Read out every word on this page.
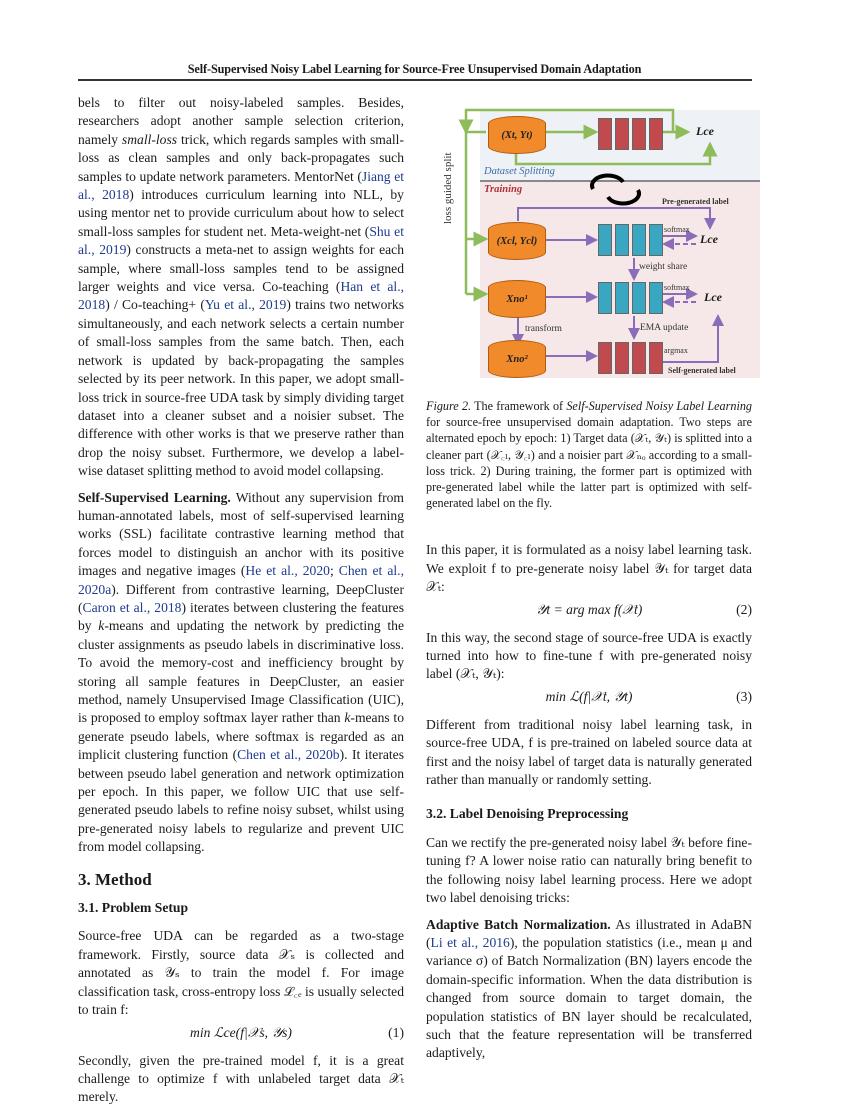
Self-Supervised Noisy Label Learning for Source-Free Unsupervised Domain Adaptation

bels to filter out noisy-labeled samples. Besides, researchers adopt another sample selection criterion, namely small-loss trick, which regards samples with small-loss as clean samples and only back-propagates such samples to update network parameters. MentorNet (Jiang et al., 2018) introduces curriculum learning into NLL, by using mentor net to provide curriculum about how to select small-loss samples for student net. Meta-weight-net (Shu et al., 2019) constructs a meta-net to assign weights for each sample, where small-loss samples tend to be assigned larger weights and vice versa. Co-teaching (Han et al., 2018) / Co-teaching+ (Yu et al., 2019) trains two networks simultaneously, and each network selects a certain number of small-loss samples from the same batch. Then, each network is updated by back-propagating the samples selected by its peer network. In this paper, we adopt small-loss trick in source-free UDA task by simply dividing target dataset into a cleaner subset and a noisier subset. The difference with other works is that we preserve rather than drop the noisy subset. Furthermore, we develop a label-wise dataset splitting method to avoid model collapsing.

Self-Supervised Learning. Without any supervision from human-annotated labels, most of self-supervised learning works (SSL) facilitate contrastive learning method that forces model to distinguish an anchor with its positive images and negative images (He et al., 2020; Chen et al., 2020a). Different from contrastive learning, DeepCluster (Caron et al., 2018) iterates between clustering the features by k-means and updating the network by predicting the cluster assignments as pseudo labels in discriminative loss. To avoid the memory-cost and inefficiency brought by storing all sample features in DeepCluster, an easier method, namely Unsupervised Image Classification (UIC), is proposed to employ softmax layer rather than k-means to generate pseudo labels, where softmax is regarded as an implicit clustering function (Chen et al., 2020b). It iterates between pseudo label generation and network optimization per epoch. In this paper, we follow UIC that use self-generated pseudo labels to refine noisy subset, whilst using pre-generated noisy labels to regularize and prevent UIC from model collapsing.

3. Method
3.1. Problem Setup

Source-free UDA can be regarded as a two-stage framework. Firstly, source data 𝒳ₛ is collected and annotated as 𝒴ₛ to train the model f. For image classification task, cross-entropy loss ℒ꜀ₑ is usually selected to train f:

min ℒce(f|𝒳s, 𝒴s)	(1)

Secondly, given the pre-trained model f, it is a great challenge to optimize f with unlabeled target data 𝒳ₜ merely.

loss guided split	Dataset Splitting
Training
(Xt, Yt)
(Xcl, Ycl)
Xno¹
Xno²
Lce
Lce
Lce
Pre-generated label
softmax
softmax
argmax
Self-generated label
weight share
transform	EMA update

Figure 2. The framework of Self-Supervised Noisy Label Learning for source-free unsupervised domain adaptation. Two steps are alternated epoch by epoch: 1) Target data (𝒳ₜ, 𝒴ₜ) is splitted into a cleaner part (𝒳꜀ₗ, 𝒴꜀ₗ) and a noisier part 𝒳ₙₒ according to a small-loss trick. 2) During training, the former part is optimized with pre-generated label while the latter part is optimized with self-generated label on the fly.

In this paper, it is formulated as a noisy label learning task. We exploit f to pre-generate noisy label 𝒴ₜ for target data 𝒳ₜ:

𝒴t = arg max f(𝒳t)	(2)

In this way, the second stage of source-free UDA is exactly turned into how to fine-tune f with pre-generated noisy label (𝒳ₜ, 𝒴ₜ):

min ℒ(f|𝒳t, 𝒴t)	(3)

Different from traditional noisy label learning task, in source-free UDA, f is pre-trained on labeled source data at first and the noisy label of target data is naturally generated rather than manually or randomly setting.

3.2. Label Denoising Preprocessing

Can we rectify the pre-generated noisy label 𝒴ₜ before fine-tuning f? A lower noise ratio can naturally bring benefit to the following noisy label learning process. Here we adopt two label denoising tricks:

Adaptive Batch Normalization. As illustrated in AdaBN (Li et al., 2016), the population statistics (i.e., mean μ and variance σ) of Batch Normalization (BN) layers encode the domain-specific information. When the data distribution is changed from source domain to target domain, the population statistics of BN layer should be recalculated, such that the feature representation will be transferred adaptively,
